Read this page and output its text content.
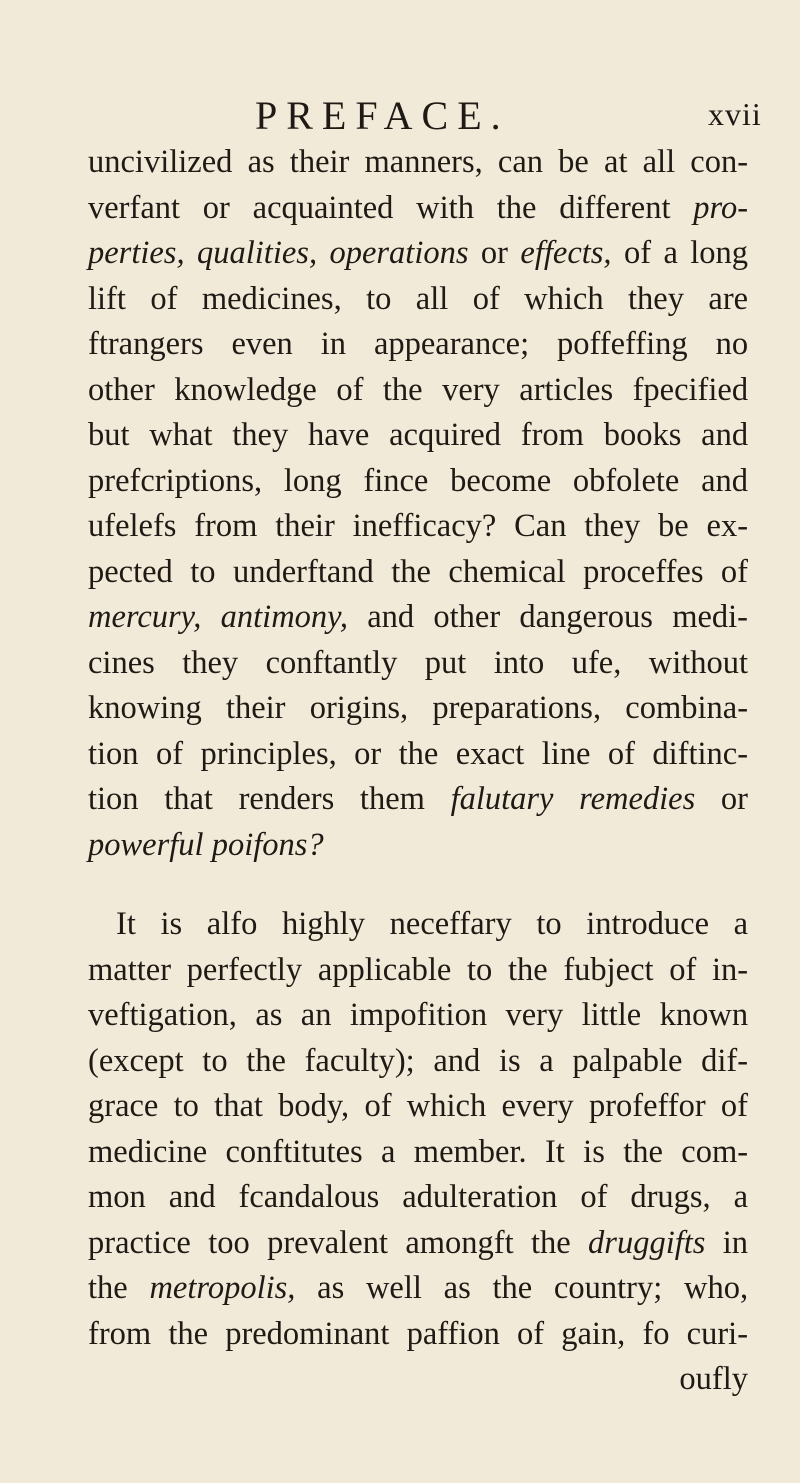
PREFACE.	xvii
uncivilized as their manners, can be at all con-
verfant or acquainted with the different pro-
perties, qualities, operations or effects, of a long
lift of medicines, to all of which they are
ftrangers even in appearance; poffeffing no
other knowledge of the very articles fpecified
but what they have acquired from books and
prefcriptions, long fince become obfolete and
ufelefs from their inefficacy? Can they be ex-
pected to underftand the chemical proceffes of
mercury, antimony, and other dangerous medi-
cines they conftantly put into ufe, without
knowing their origins, preparations, combina-
tion of principles, or the exact line of diftinc-
tion that renders them falutary remedies or
powerful poifons?
It is alfo highly neceffary to introduce a
matter perfectly applicable to the fubject of in-
veftigation, as an impofition very little known
(except to the faculty); and is a palpable dif-
grace to that body, of which every profeffor of
medicine conftitutes a member. It is the com-
mon and fcandalous adulteration of drugs, a
practice too prevalent amongft the druggifts in
the metropolis, as well as the country; who,
from the predominant paffion of gain, fo curi-
oufly
